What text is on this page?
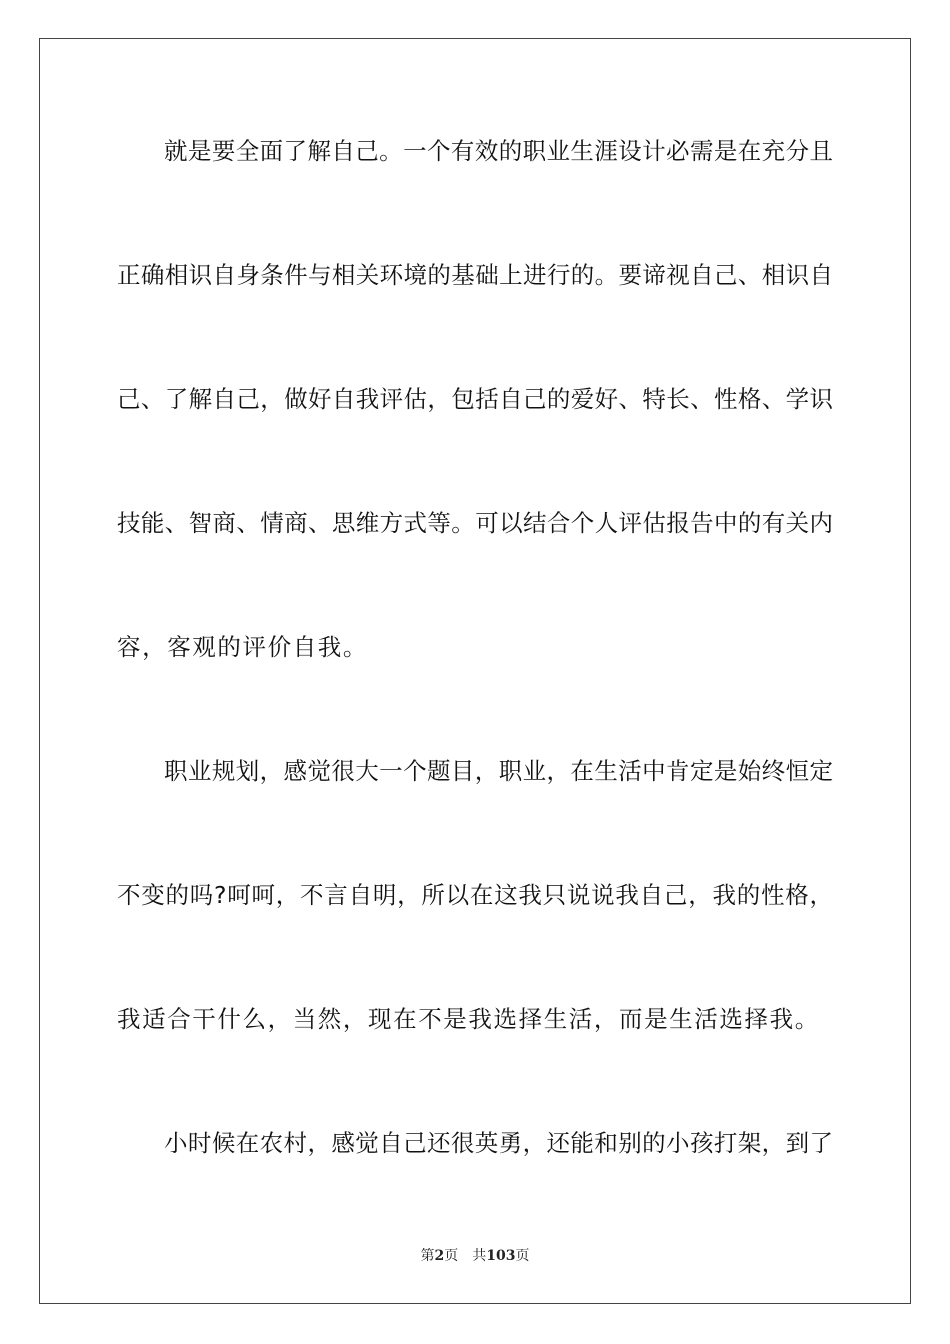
就是要全面了解自己。一个有效的职业生涯设计必需是在充分且
正确相识自身条件与相关环境的基础上进行的。要谛视自己、相识自
己、了解自己，做好自我评估，包括自己的爱好、特长、性格、学识
技能、智商、情商、思维方式等。可以结合个人评估报告中的有关内
容，客观的评价自我。
职业规划，感觉很大一个题目，职业，在生活中肯定是始终恒定
不变的吗?呵呵，不言自明，所以在这我只说说我自己，我的性格，
我适合干什么，当然，现在不是我选择生活，而是生活选择我。
小时候在农村，感觉自己还很英勇，还能和别的小孩打架，到了
第2页 共103页
